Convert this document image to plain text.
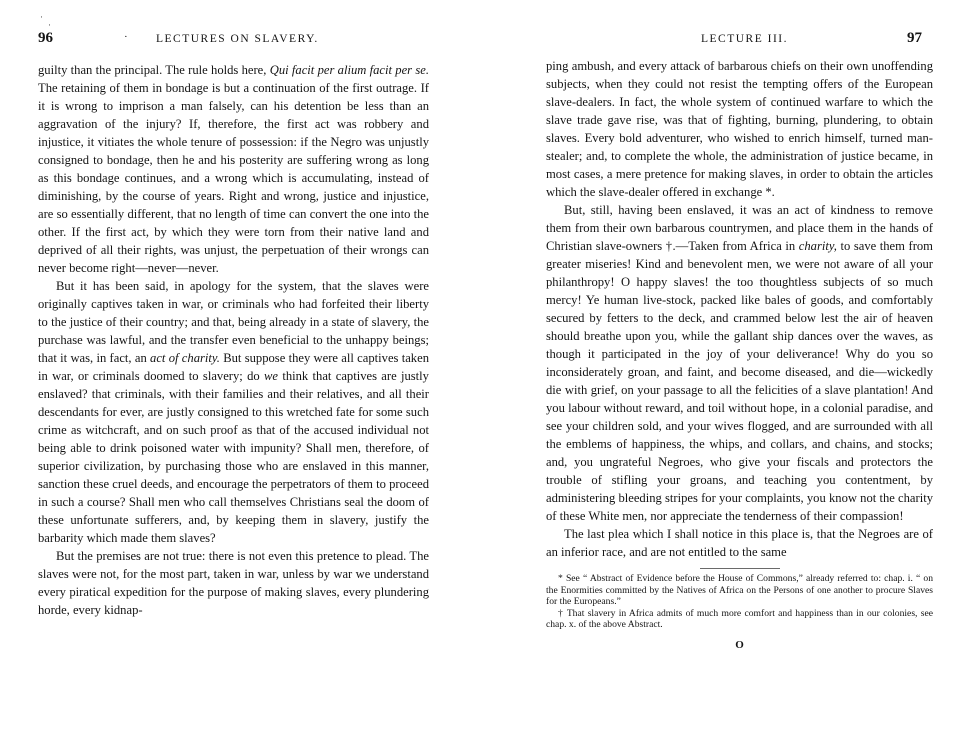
·
·
96	· LECTURES ON SLAVERY.

guilty than the principal. The rule holds here, Qui facit per alium facit per se. The retaining of them in bondage is but a continuation of the first outrage. If it is wrong to imprison a man falsely, can his detention be less than an aggravation of the injury? If, therefore, the first act was robbery and injustice, it vitiates the whole tenure of possession: if the Negro was unjustly consigned to bondage, then he and his posterity are suffering wrong as long as this bondage continues, and a wrong which is accumulating, instead of diminishing, by the course of years. Right and wrong, justice and injustice, are so essentially different, that no length of time can convert the one into the other. If the first act, by which they were torn from their native land and deprived of all their rights, was unjust, the perpetuation of their wrongs can never become right—never—never.

But it has been said, in apology for the system, that the slaves were originally captives taken in war, or criminals who had forfeited their liberty to the justice of their country; and that, being already in a state of slavery, the purchase was lawful, and the transfer even beneficial to the unhappy beings; that it was, in fact, an act of charity. But suppose they were all captives taken in war, or criminals doomed to slavery; do we think that captives are justly enslaved? that criminals, with their families and their relatives, and all their descendants for ever, are justly consigned to this wretched fate for some such crime as witchcraft, and on such proof as that of the accused individual not being able to drink poisoned water with impunity? Shall men, therefore, of superior civilization, by purchasing those who are enslaved in this manner, sanction these cruel deeds, and encourage the perpetrators of them to proceed in such a course? Shall men who call themselves Christians seal the doom of these unfortunate sufferers, and, by keeping them in slavery, justify the barbarity which made them slaves?

But the premises are not true: there is not even this pretence to plead. The slaves were not, for the most part, taken in war, unless by war we understand every piratical expedition for the purpose of making slaves, every plundering horde, every kidnap-

LECTURE III.	97

ping ambush, and every attack of barbarous chiefs on their own unoffending subjects, when they could not resist the tempting offers of the European slave-dealers. In fact, the whole system of continued warfare to which the slave trade gave rise, was that of fighting, burning, plundering, to obtain slaves. Every bold adventurer, who wished to enrich himself, turned man-stealer; and, to complete the whole, the administration of justice became, in most cases, a mere pretence for making slaves, in order to obtain the articles which the slave-dealer offered in exchange *.

But, still, having been enslaved, it was an act of kindness to remove them from their own barbarous countrymen, and place them in the hands of Christian slave-owners †.—Taken from Africa in charity, to save them from greater miseries! Kind and benevolent men, we were not aware of all your philanthropy! O happy slaves! the too thoughtless subjects of so much mercy! Ye human live-stock, packed like bales of goods, and comfortably secured by fetters to the deck, and crammed below lest the air of heaven should breathe upon you, while the gallant ship dances over the waves, as though it participated in the joy of your deliverance! Why do you so inconsiderately groan, and faint, and become diseased, and die—wickedly die with grief, on your passage to all the felicities of a slave plantation! And you labour without reward, and toil without hope, in a colonial paradise, and see your children sold, and your wives flogged, and are surrounded with all the emblems of happiness, the whips, and collars, and chains, and stocks; and, you ungrateful Negroes, who give your fiscals and protectors the trouble of stifling your groans, and teaching you contentment, by administering bleeding stripes for your complaints, you know not the charity of these White men, nor appreciate the tenderness of their compassion!

The last plea which I shall notice in this place is, that the Negroes are of an inferior race, and are not entitled to the same

* See “ Abstract of Evidence before the House of Commons,” already referred to: chap. i. “ on the Enormities committed by the Natives of Africa on the Persons of one another to procure Slaves for the Europeans.”

† That slavery in Africa admits of much more comfort and happiness than in our colonies, see chap. x. of the above Abstract.

O
